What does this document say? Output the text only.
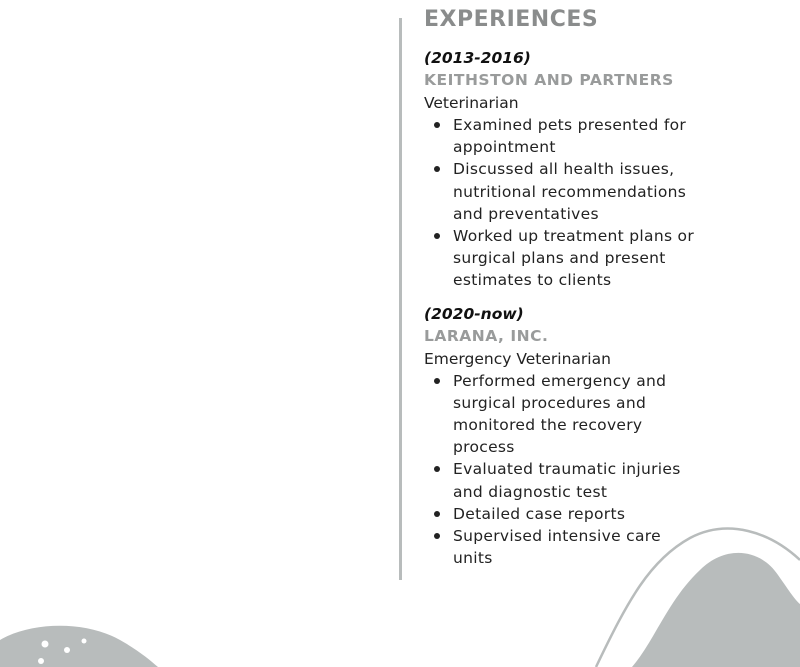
EXPERIENCES

(2013-2016)

KEITHSTON AND PARTNERS

Veterinarian

Examined pets presented for appointment
Discussed all health issues, nutritional recommendations and preventatives
Worked up treatment plans or surgical plans and present estimates to clients

(2020-now)

LARANA, INC.

Emergency Veterinarian

Performed emergency and surgical procedures and monitored the recovery process
Evaluated traumatic injuries and diagnostic test
Detailed case reports
Supervised intensive care units
